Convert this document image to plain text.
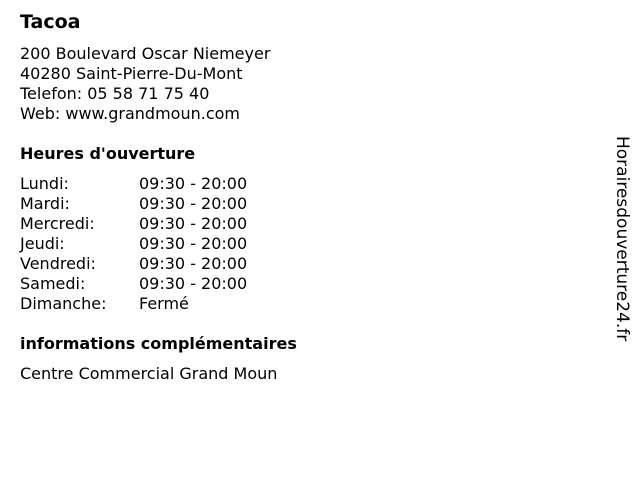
Tacoa
200 Boulevard Oscar Niemeyer
40280 Saint-Pierre-Du-Mont
Telefon: 05 58 71 75 40
Web: www.grandmoun.com
Heures d'ouverture
Lundi:	09:30 - 20:00
Mardi:	09:30 - 20:00
Mercredi:	09:30 - 20:00
Jeudi:	09:30 - 20:00
Vendredi:	09:30 - 20:00
Samedi:	09:30 - 20:00
Dimanche:	Fermé
informations complémentaires
Centre Commercial Grand Moun
Horairesdouverture24.fr
